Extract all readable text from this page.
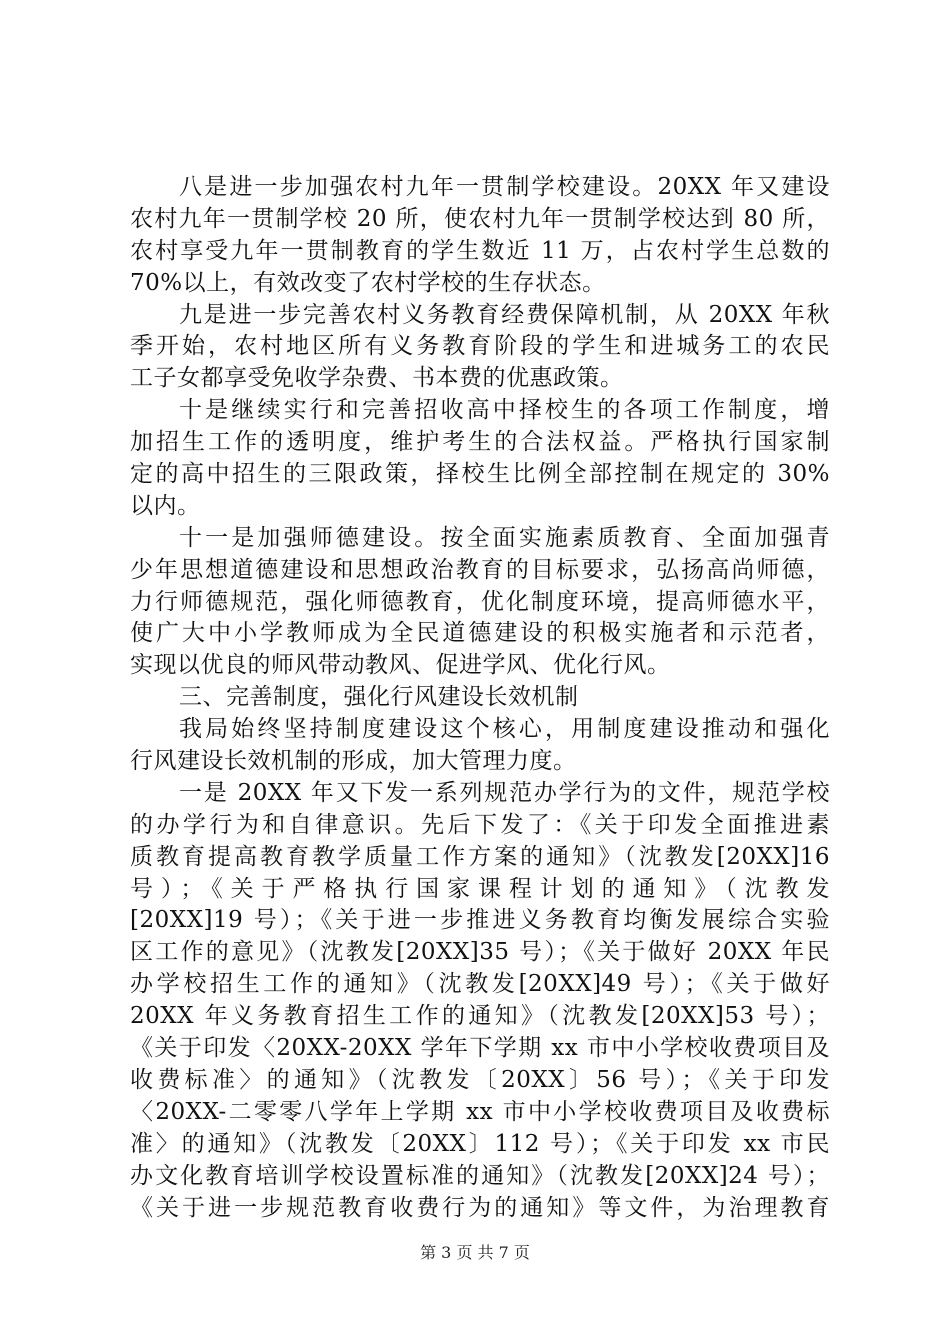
八是进一步加强农村九年一贯制学校建设。20XX 年又建设
农村九年一贯制学校 20 所，使农村九年一贯制学校达到 80 所，
农村享受九年一贯制教育的学生数近 11 万，占农村学生总数的
70%以上，有效改变了农村学校的生存状态。
九是进一步完善农村义务教育经费保障机制，从 20XX 年秋
季开始，农村地区所有义务教育阶段的学生和进城务工的农民
工子女都享受免收学杂费、书本费的优惠政策。
十是继续实行和完善招收高中择校生的各项工作制度，增
加招生工作的透明度，维护考生的合法权益。严格执行国家制
定的高中招生的三限政策，择校生比例全部控制在规定的 30%
以内。
十一是加强师德建设。按全面实施素质教育、全面加强青
少年思想道德建设和思想政治教育的目标要求，弘扬高尚师德，
力行师德规范，强化师德教育，优化制度环境，提高师德水平，
使广大中小学教师成为全民道德建设的积极实施者和示范者，
实现以优良的师风带动教风、促进学风、优化行风。
三、完善制度，强化行风建设长效机制
我局始终坚持制度建设这个核心，用制度建设推动和强化
行风建设长效机制的形成，加大管理力度。
一是 20XX 年又下发一系列规范办学行为的文件，规范学校
的办学行为和自律意识。先后下发了：《关于印发全面推进素
质教育提高教育教学质量工作方案的通知》（沈教发[20XX]16
号）；《关于严格执行国家课程计划的通知》（沈教发
[20XX]19 号）；《关于进一步推进义务教育均衡发展综合实验
区工作的意见》（沈教发[20XX]35 号）；《关于做好 20XX 年民
办学校招生工作的通知》（沈教发[20XX]49 号）；《关于做好
20XX 年义务教育招生工作的通知》（沈教发[20XX]53 号）；
《关于印发〈20XX-20XX 学年下学期 xx 市中小学校收费项目及
收费标准〉的通知》（沈教发〔20XX〕56 号）；《关于印发
〈20XX-二零零八学年上学期 xx 市中小学校收费项目及收费标
准〉的通知》（沈教发〔20XX〕112 号）；《关于印发 xx 市民
办文化教育培训学校设置标准的通知》（沈教发[20XX]24 号）；
《关于进一步规范教育收费行为的通知》等文件，为治理教育
第 3 页 共 7 页
